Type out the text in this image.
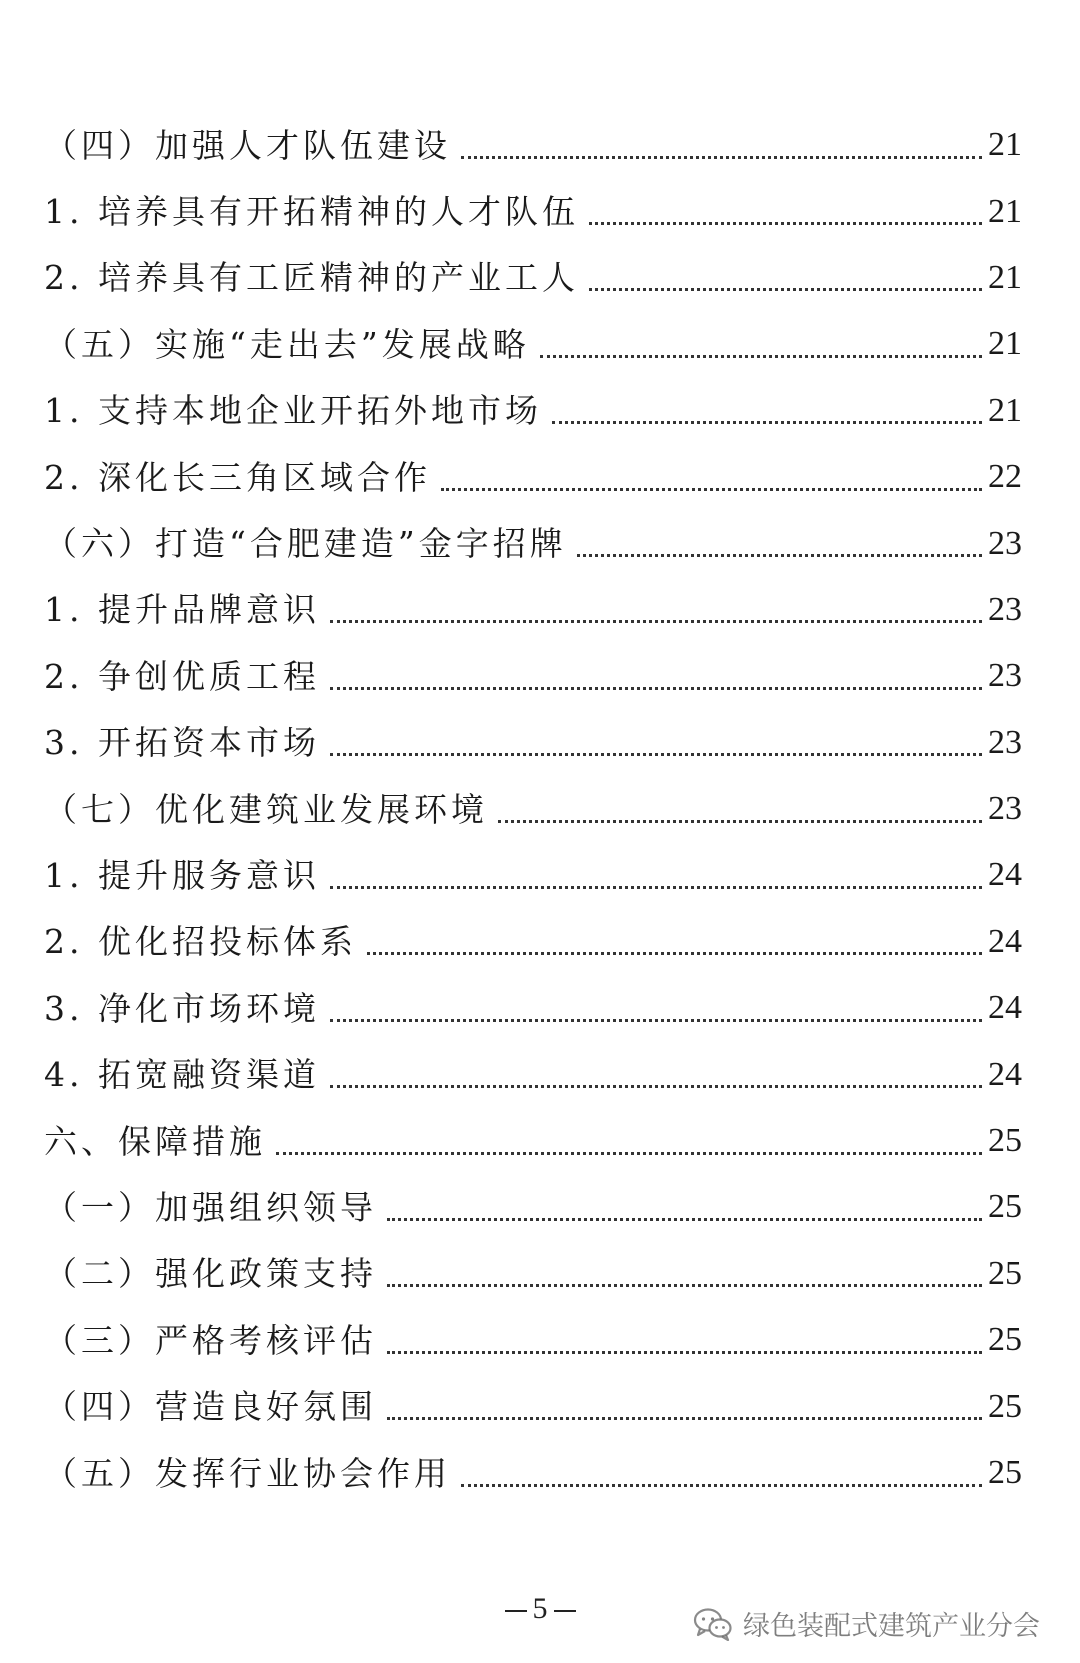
（四）加强人才队伍建设	21
1. 培养具有开拓精神的人才队伍	21
2. 培养具有工匠精神的产业工人	21
（五）实施“走出去”发展战略	21
1. 支持本地企业开拓外地市场	21
2. 深化长三角区域合作	22
（六）打造“合肥建造”金字招牌	23
1. 提升品牌意识	23
2. 争创优质工程	23
3. 开拓资本市场	23
（七）优化建筑业发展环境	23
1. 提升服务意识	24
2. 优化招投标体系	24
3. 净化市场环境	24
4. 拓宽融资渠道	24
六、保障措施	25
（一）加强组织领导	25
（二）强化政策支持	25
（三）严格考核评估	25
（四）营造良好氛围	25
（五）发挥行业协会作用	25
5
绿色装配式建筑产业分会
